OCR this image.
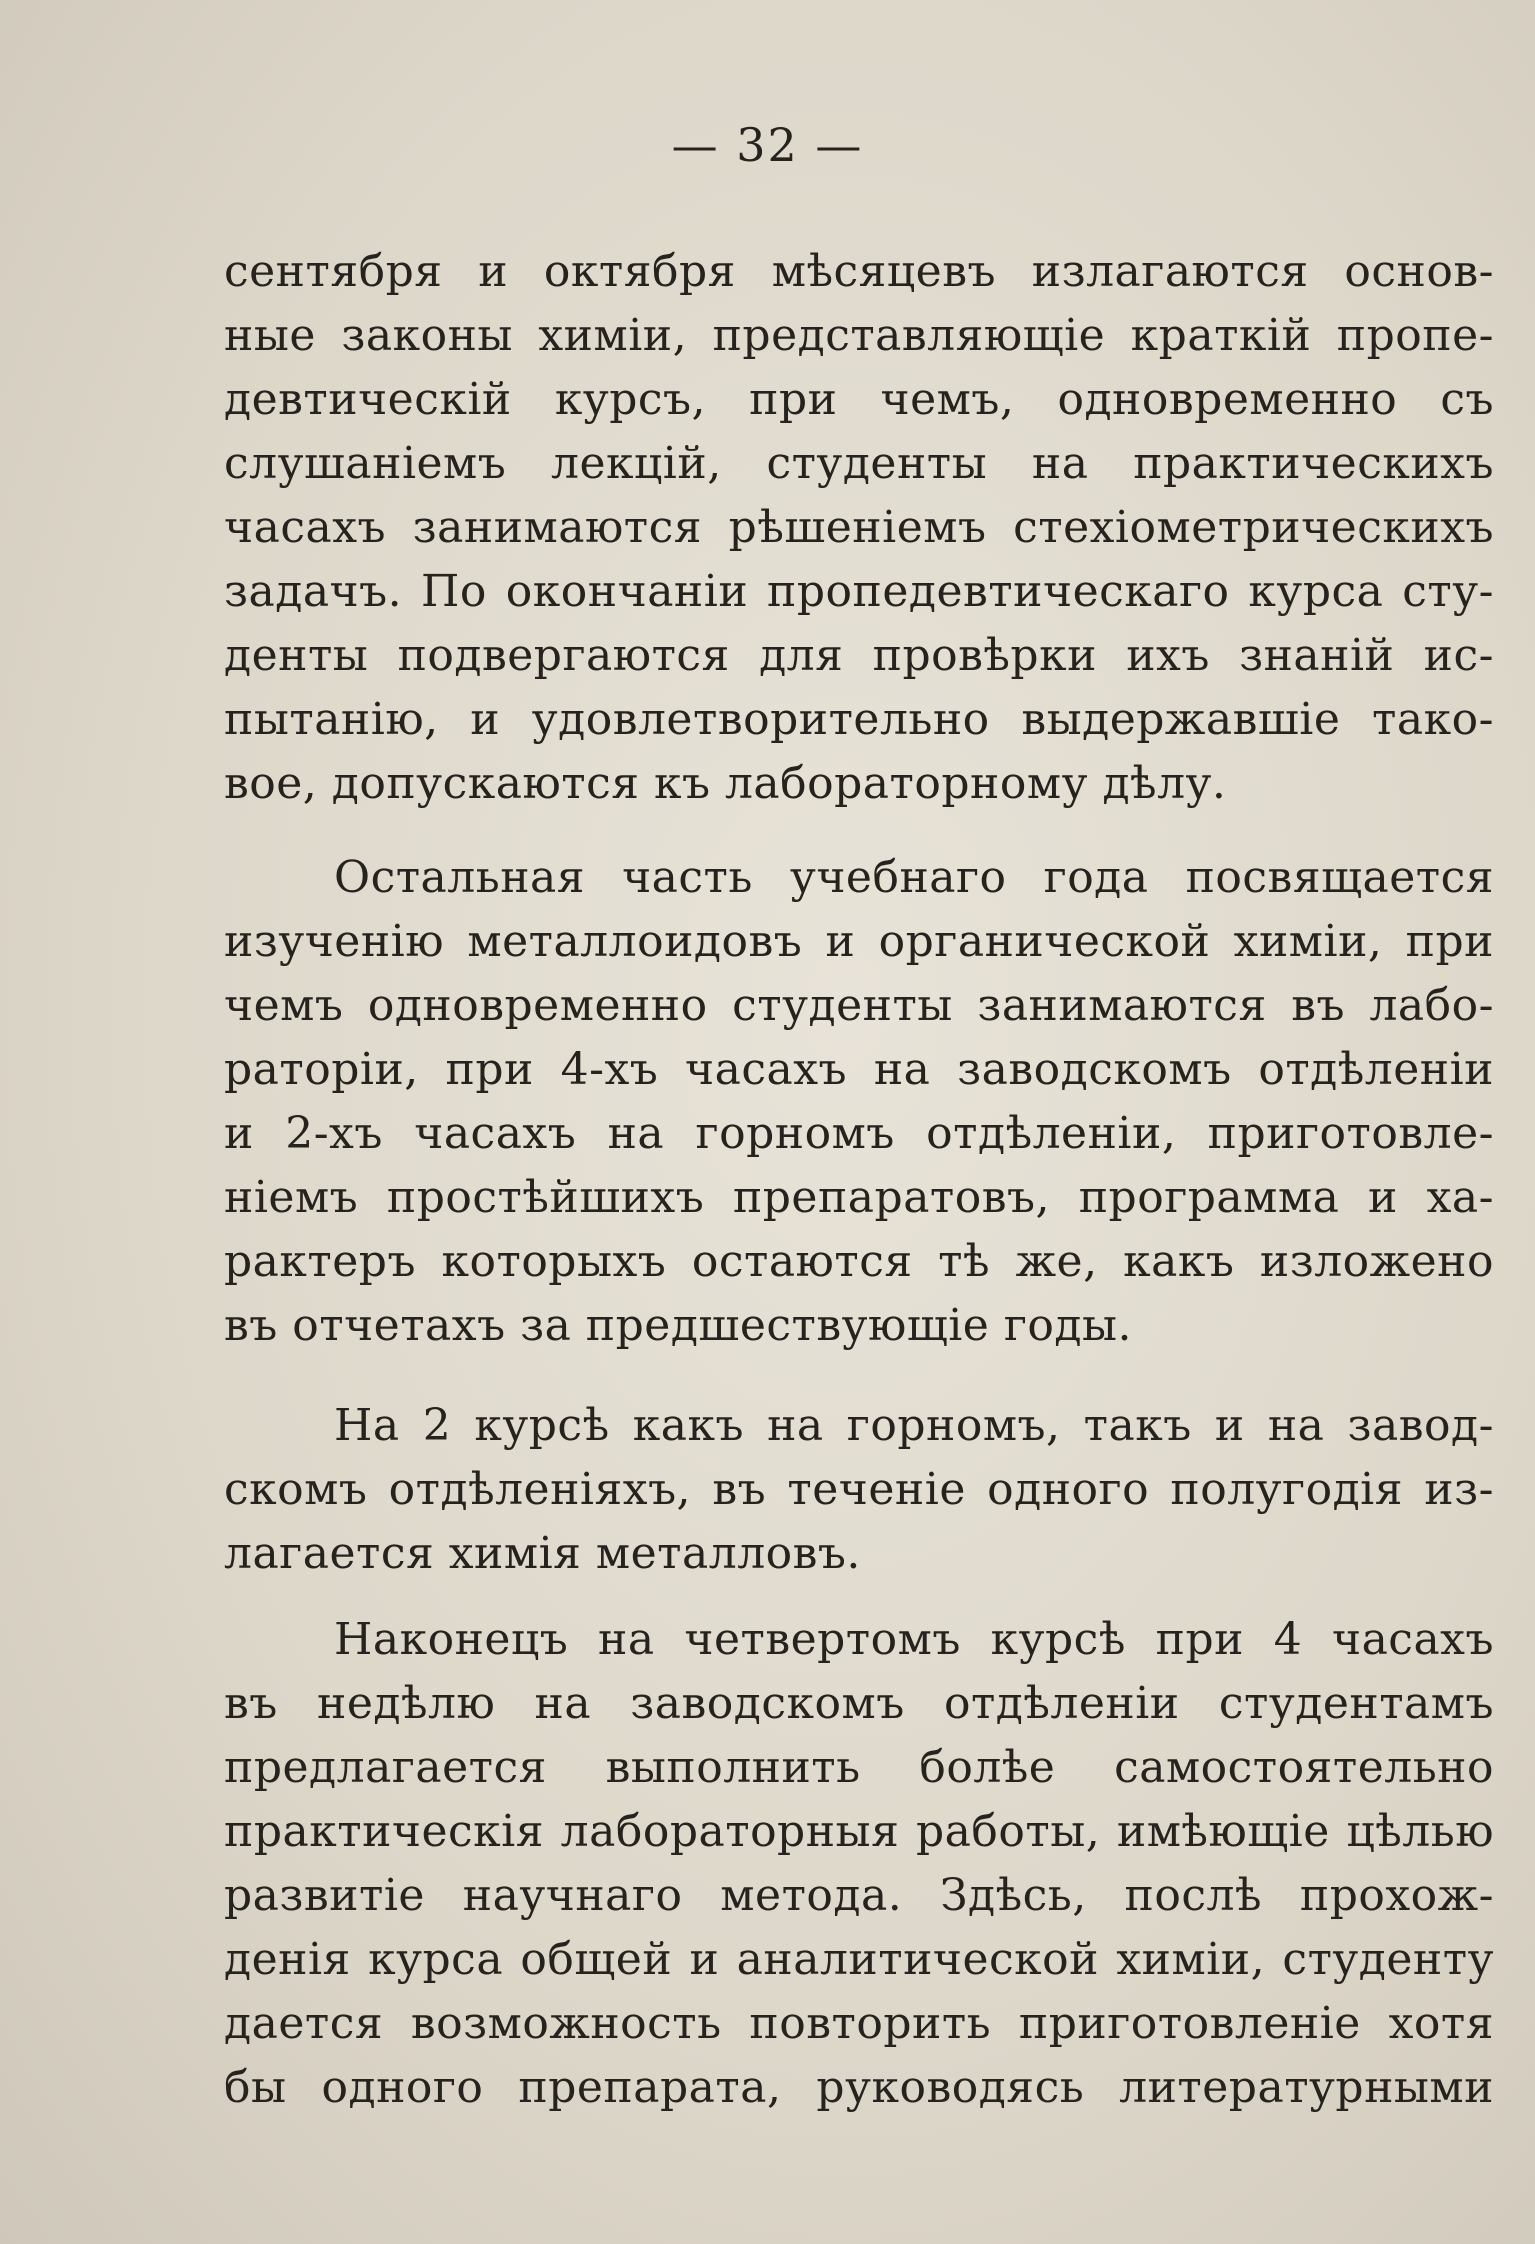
— 32 —
сентября и октября мѣсяцевъ излагаются основ-
ные законы химіи, представляющіе краткій пропе-
девтическій курсъ, при чемъ, одновременно съ
слушаніемъ лекцій, студенты на практическихъ
часахъ занимаются рѣшеніемъ стехіометрическихъ
задачъ. По окончаніи пропедевтическаго курса сту-
денты подвергаются для провѣрки ихъ знаній ис-
пытанію, и удовлетворительно выдержавшіе тако-
вое, допускаются къ лабораторному дѣлу.
Остальная часть учебнаго года посвящается
изученію металлоидовъ и органической химіи, при
чемъ одновременно студенты занимаются въ лабо-
раторіи, при 4-хъ часахъ на заводскомъ отдѣленіи
и 2-хъ часахъ на горномъ отдѣленіи, приготовле-
ніемъ простѣйшихъ препаратовъ, программа и ха-
рактеръ которыхъ остаются тѣ же, какъ изложено
въ отчетахъ за предшествующіе годы.
На 2 курсѣ какъ на горномъ, такъ и на завод-
скомъ отдѣленіяхъ, въ теченіе одного полугодія из-
лагается химія металловъ.
Наконецъ на четвертомъ курсѣ при 4 часахъ
въ недѣлю на заводскомъ отдѣленіи студентамъ
предлагается выполнить болѣе самостоятельно
практическія лабораторныя работы, имѣющіе цѣлью
развитіе научнаго метода. Здѣсь, послѣ прохож-
денія курса общей и аналитической химіи, студенту
дается возможность повторить приготовленіе хотя
бы одного препарата, руководясь литературными
